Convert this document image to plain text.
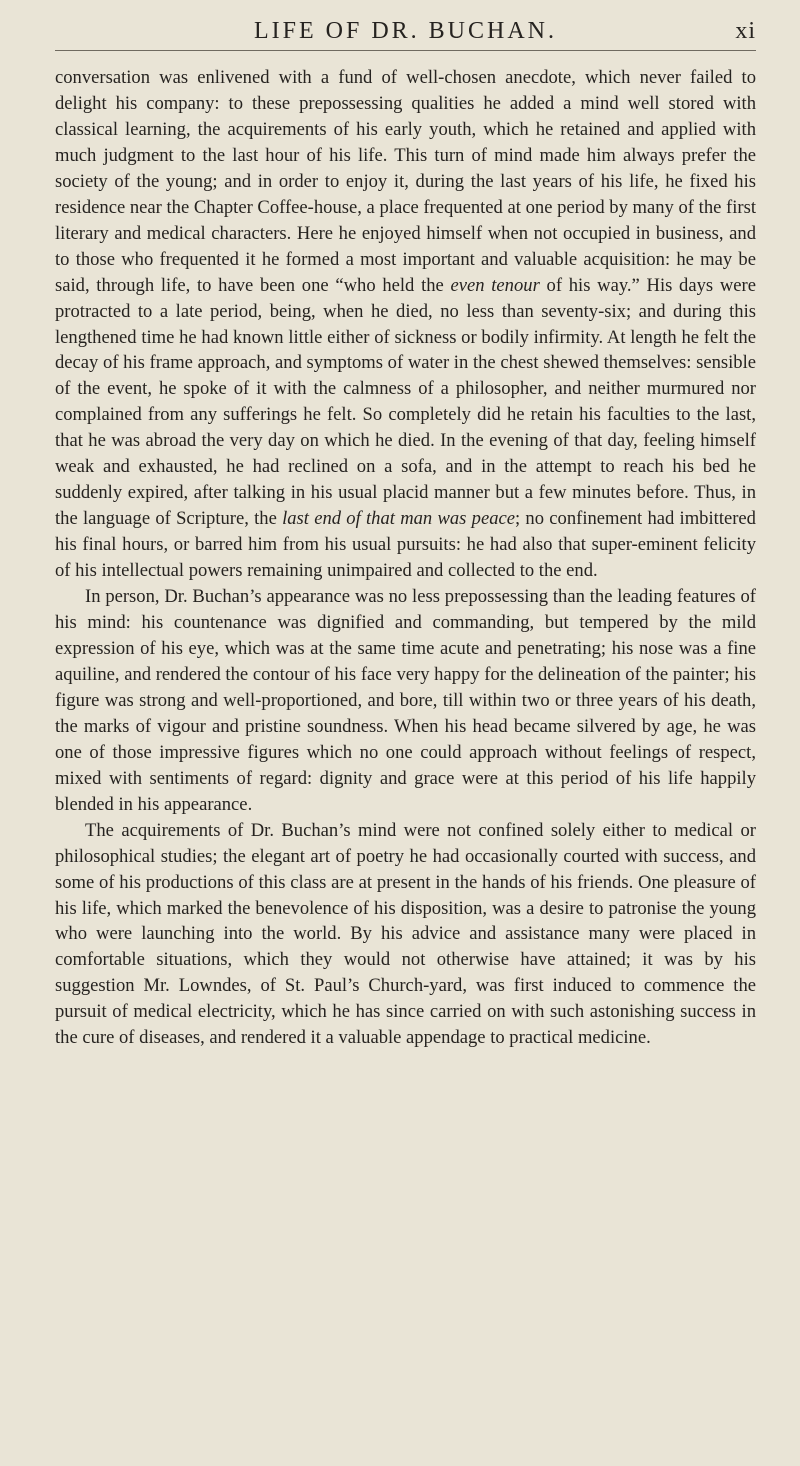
LIFE OF DR. BUCHAN.	xi

conversation was enlivened with a fund of well-chosen anecdote, which never failed to delight his company: to these prepossessing qualities he added a mind well stored with classical learning, the acquirements of his early youth, which he retained and applied with much judgment to the last hour of his life. This turn of mind made him always prefer the society of the young; and in order to enjoy it, during the last years of his life, he fixed his residence near the Chapter Coffee-house, a place frequented at one period by many of the first literary and medical characters. Here he enjoyed himself when not occupied in business, and to those who frequented it he formed a most important and valuable acquisition: he may be said, through life, to have been one “who held the even tenour of his way.” His days were protracted to a late period, being, when he died, no less than seventy-six; and during this lengthened time he had known little either of sickness or bodily infirmity. At length he felt the decay of his frame approach, and symptoms of water in the chest shewed themselves: sensible of the event, he spoke of it with the calmness of a philosopher, and neither murmured nor complained from any sufferings he felt. So completely did he retain his faculties to the last, that he was abroad the very day on which he died. In the evening of that day, feeling himself weak and exhausted, he had reclined on a sofa, and in the attempt to reach his bed he suddenly expired, after talking in his usual placid manner but a few minutes before. Thus, in the language of Scripture, the last end of that man was peace; no confinement had imbittered his final hours, or barred him from his usual pursuits: he had also that super-eminent felicity of his intellectual powers remaining unimpaired and collected to the end.

In person, Dr. Buchan’s appearance was no less prepossessing than the leading features of his mind: his countenance was dignified and commanding, but tempered by the mild expression of his eye, which was at the same time acute and penetrating; his nose was a fine aquiline, and rendered the contour of his face very happy for the delineation of the painter; his figure was strong and well-proportioned, and bore, till within two or three years of his death, the marks of vigour and pristine soundness. When his head became silvered by age, he was one of those impressive figures which no one could approach without feelings of respect, mixed with sentiments of regard: dignity and grace were at this period of his life happily blended in his appearance.

The acquirements of Dr. Buchan’s mind were not confined solely either to medical or philosophical studies; the elegant art of poetry he had occasionally courted with success, and some of his productions of this class are at present in the hands of his friends. One pleasure of his life, which marked the benevolence of his disposition, was a desire to patronise the young who were launching into the world. By his advice and assistance many were placed in comfortable situations, which they would not otherwise have attained; it was by his suggestion Mr. Lowndes, of St. Paul’s Church-yard, was first induced to commence the pursuit of medical electricity, which he has since carried on with such astonishing success in the cure of diseases, and rendered it a valuable appendage to practical medicine.
